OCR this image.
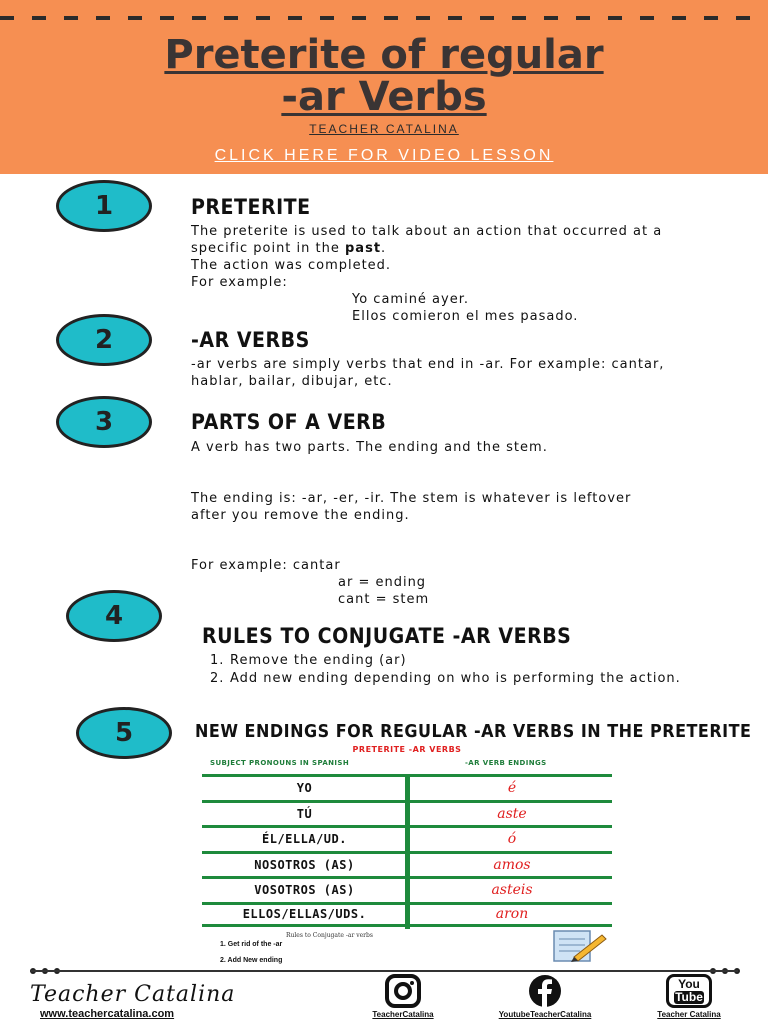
Preterite of regular
-ar Verbs
TEACHER CATALINA
CLICK HERE FOR VIDEO LESSON
1	PRETERITE
The preterite is used to talk about an action that occurred at a specific point in the past.
The action was completed.
For example:
Yo caminé ayer.
Ellos comieron el mes pasado.
2	-AR VERBS
-ar verbs are simply verbs that end in -ar. For example: cantar, hablar, bailar, dibujar, etc.
3	PARTS OF A VERB
A verb has two parts. The ending and the stem.
The ending is: -ar, -er, -ir. The stem is whatever is leftover after you remove the ending.
For example: cantar
ar = ending
cant = stem
4
RULES TO CONJUGATE -AR VERBS
1. Remove the ending (ar)
2. Add new ending depending on who is performing the action.
5	NEW ENDINGS FOR REGULAR -AR VERBS IN THE PRETERITE
PRETERITE -AR VERBS
SUBJECT PRONOUNS IN SPANISH	-AR VERB ENDINGS
YO	é
TÚ	aste
ÉL/ELLA/UD.	ó
NOSOTROS (AS)	amos
VOSOTROS (AS)	asteis
ELLOS/ELLAS/UDS.	aron
Rules to Conjugate -ar verbs
1. Get rid of the -ar
2. Add New ending
Teacher Catalina
www.teachercatalina.com	TeacherCatalina	YoutubeTeacherCatalina
You
Tube
Teacher Catalina
